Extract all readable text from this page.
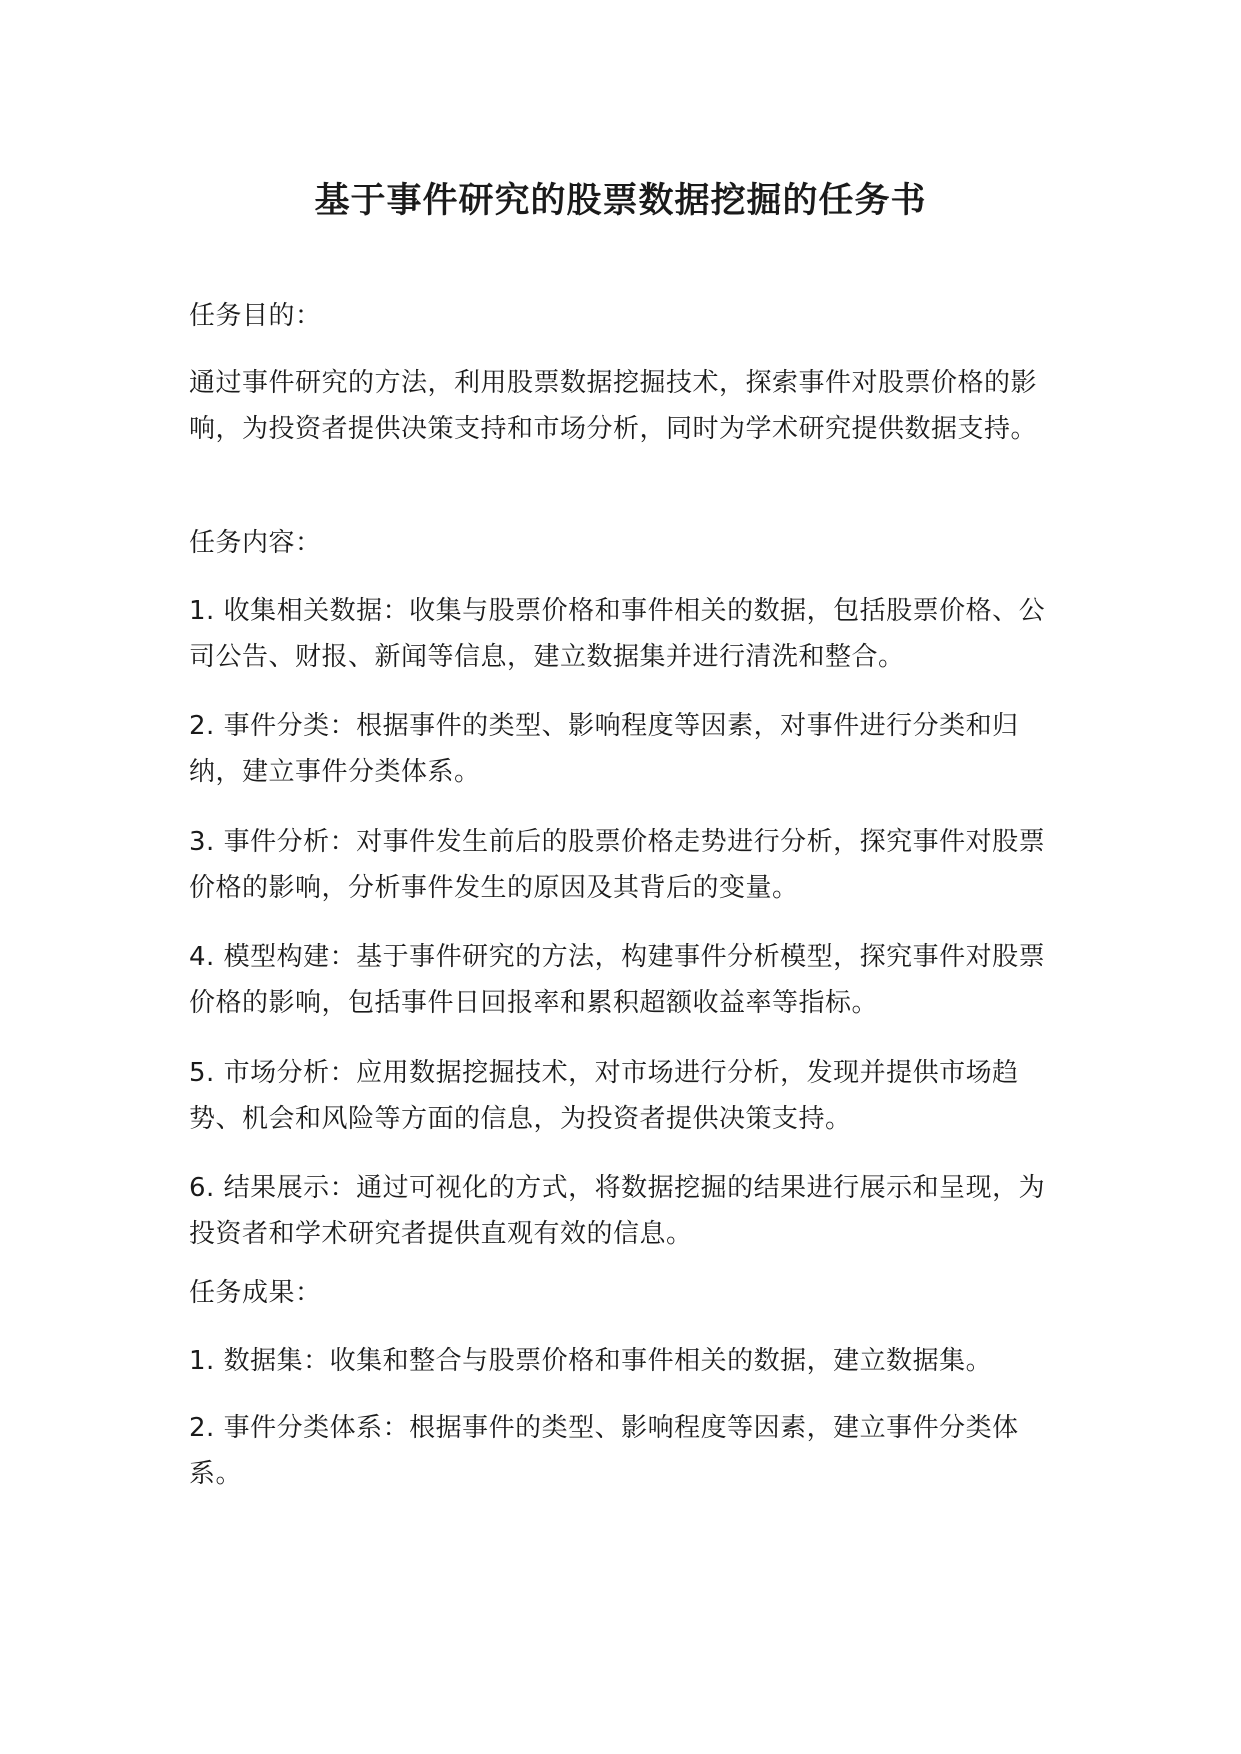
基于事件研究的股票数据挖掘的任务书

任务目的：

通过事件研究的方法，利用股票数据挖掘技术，探索事件对股票价格的影响，为投资者提供决策支持和市场分析，同时为学术研究提供数据支持。

任务内容：

1. 收集相关数据：收集与股票价格和事件相关的数据，包括股票价格、公司公告、财报、新闻等信息，建立数据集并进行清洗和整合。

2. 事件分类：根据事件的类型、影响程度等因素，对事件进行分类和归纳，建立事件分类体系。

3. 事件分析：对事件发生前后的股票价格走势进行分析，探究事件对股票价格的影响，分析事件发生的原因及其背后的变量。

4. 模型构建：基于事件研究的方法，构建事件分析模型，探究事件对股票价格的影响，包括事件日回报率和累积超额收益率等指标。

5. 市场分析：应用数据挖掘技术，对市场进行分析，发现并提供市场趋势、机会和风险等方面的信息，为投资者提供决策支持。

6. 结果展示：通过可视化的方式，将数据挖掘的结果进行展示和呈现，为投资者和学术研究者提供直观有效的信息。

任务成果：

1. 数据集：收集和整合与股票价格和事件相关的数据，建立数据集。

2. 事件分类体系：根据事件的类型、影响程度等因素，建立事件分类体系。
